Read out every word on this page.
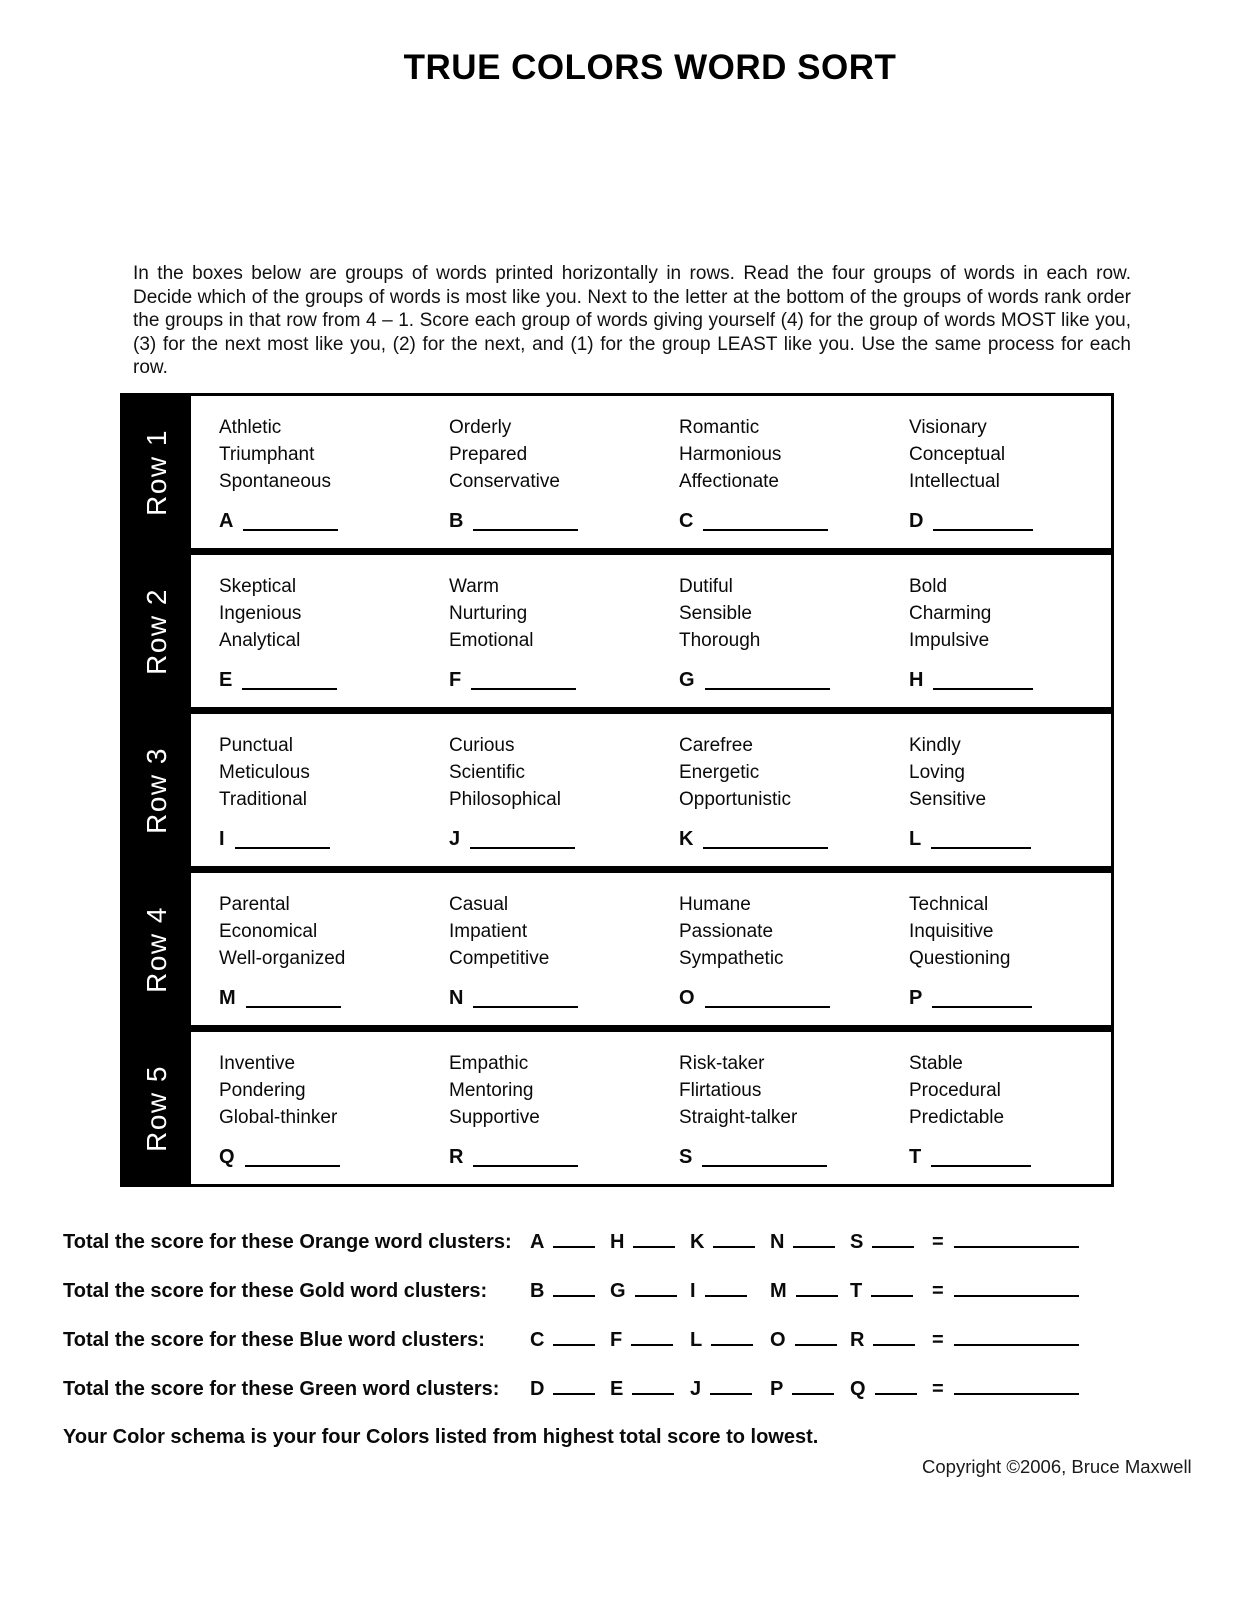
TRUE COLORS WORD SORT
In the boxes below are groups of words printed horizontally in rows. Read the four groups of words in each row. Decide which of the groups of words is most like you. Next to the letter at the bottom of the groups of words rank order the groups in that row from 4 – 1. Score each group of words giving yourself (4) for the group of words MOST like you, (3) for the next most like you, (2) for the next, and (1) for the group LEAST like you. Use the same process for each row.
Row 1
Athletic
Triumphant
Spontaneous
A
Orderly
Prepared
Conservative
B
Romantic
Harmonious
Affectionate
C
Visionary
Conceptual
Intellectual
D
Row 2
Skeptical
Ingenious
Analytical
E
Warm
Nurturing
Emotional
F
Dutiful
Sensible
Thorough
G
Bold
Charming
Impulsive
H
Row 3
Punctual
Meticulous
Traditional
I
Curious
Scientific
Philosophical
J
Carefree
Energetic
Opportunistic
K
Kindly
Loving
Sensitive
L
Row 4
Parental
Economical
Well-organized
M
Casual
Impatient
Competitive
N
Humane
Passionate
Sympathetic
O
Technical
Inquisitive
Questioning
P
Row 5
Inventive
Pondering
Global-thinker
Q
Empathic
Mentoring
Supportive
R
Risk-taker
Flirtatious
Straight-talker
S
Stable
Procedural
Predictable
T
Total the score for these Orange word clusters: A	H	K	N	S	=
Total the score for these Gold word clusters:	B	G	I	M	T	=
Total the score for these Blue word clusters:	C	F	L	O	R	=
Total the score for these Green word clusters:	D	E	J	P	Q	=
Your Color schema is your four Colors listed from highest total score to lowest.
Copyright ©2006, Bruce Maxwell
